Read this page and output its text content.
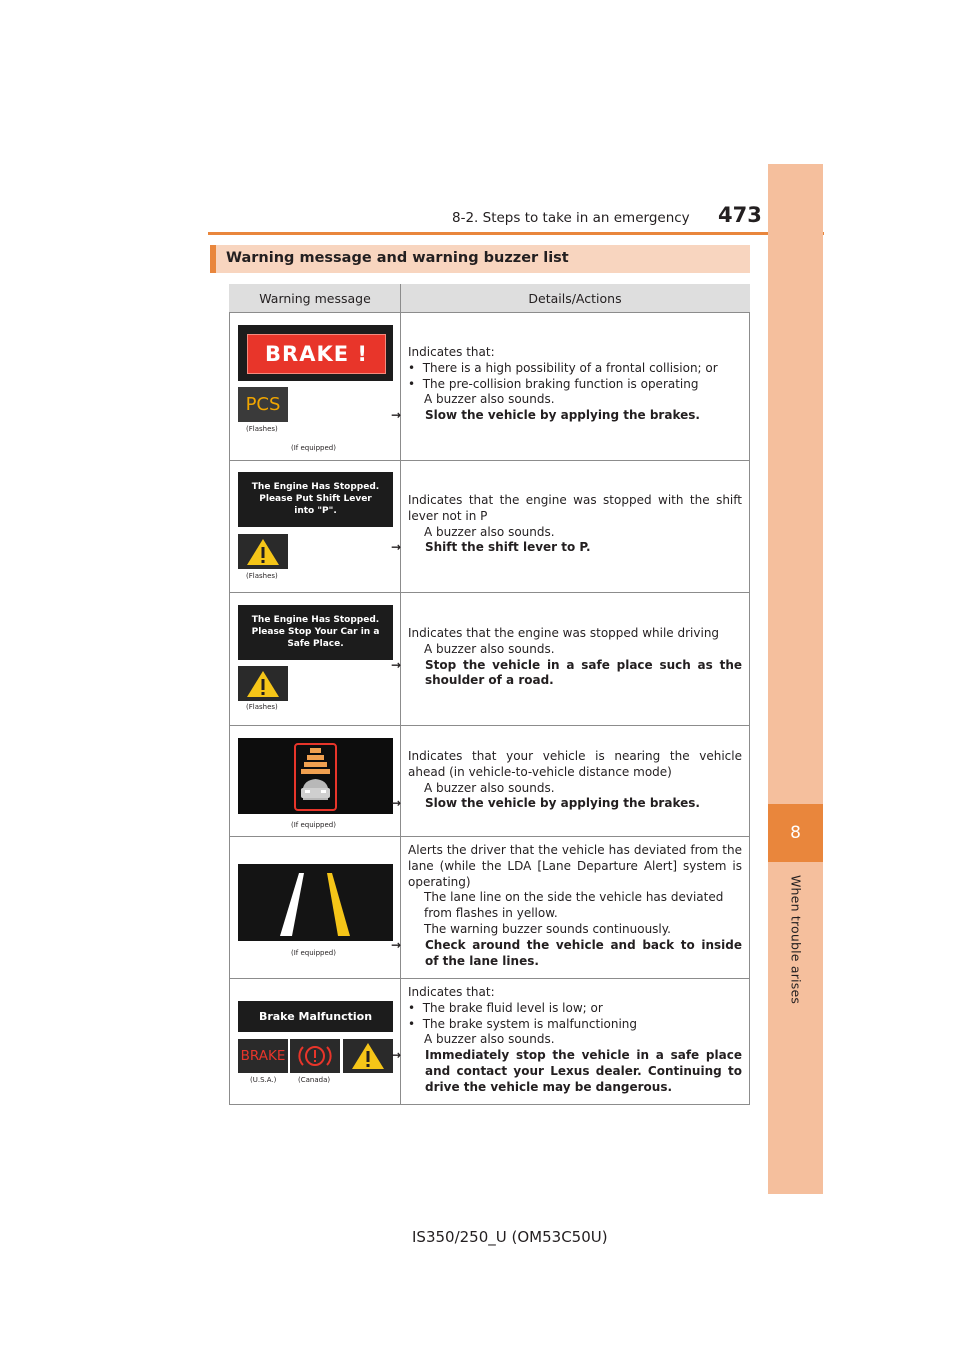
8-2. Steps to take in an emergency 473
8
When trouble arises
Warning message and warning buzzer list
Warning message	Details/Actions
BRAKE !
PCS
(Flashes)
(If equipped)

Indicates that:

•  There is a high possibility of a frontal collision; or

•  The pre-collision braking function is operating

A buzzer also sounds.

→ Slow the vehicle by applying the brakes.

The Engine Has Stopped.
Please Put Shift Lever
into "P".
(Flashes)

Indicates that the engine was stopped with the shift lever not in P

A buzzer also sounds.

→ Shift the shift lever to P.

The Engine Has Stopped.
Please Stop Your Car in a
Safe Place.
(Flashes)

Indicates that the engine was stopped while driving

A buzzer also sounds.

→ Stop the vehicle in a safe place such as the shoulder of a road.

(If equipped)

Indicates that your vehicle is nearing the vehicle ahead (in vehicle-to-vehicle distance mode)

A buzzer also sounds.

→ Slow the vehicle by applying the brakes.

(If equipped)

Alerts the driver that the vehicle has deviated from the lane (while the LDA [Lane Departure Alert] system is operating)

The lane line on the side the vehicle has deviated from flashes in yellow.

The warning buzzer sounds continuously.

→ Check around the vehicle and back to inside of the lane lines.

Brake Malfunction
BRAKE
(U.S.A.)	(Canada)

Indicates that:

•  The brake fluid level is low; or

•  The brake system is malfunctioning

A buzzer also sounds.

→ Immediately stop the vehicle in a safe place and contact your Lexus dealer. Continuing to drive the vehicle may be dangerous.

IS350/250_U (OM53C50U)
